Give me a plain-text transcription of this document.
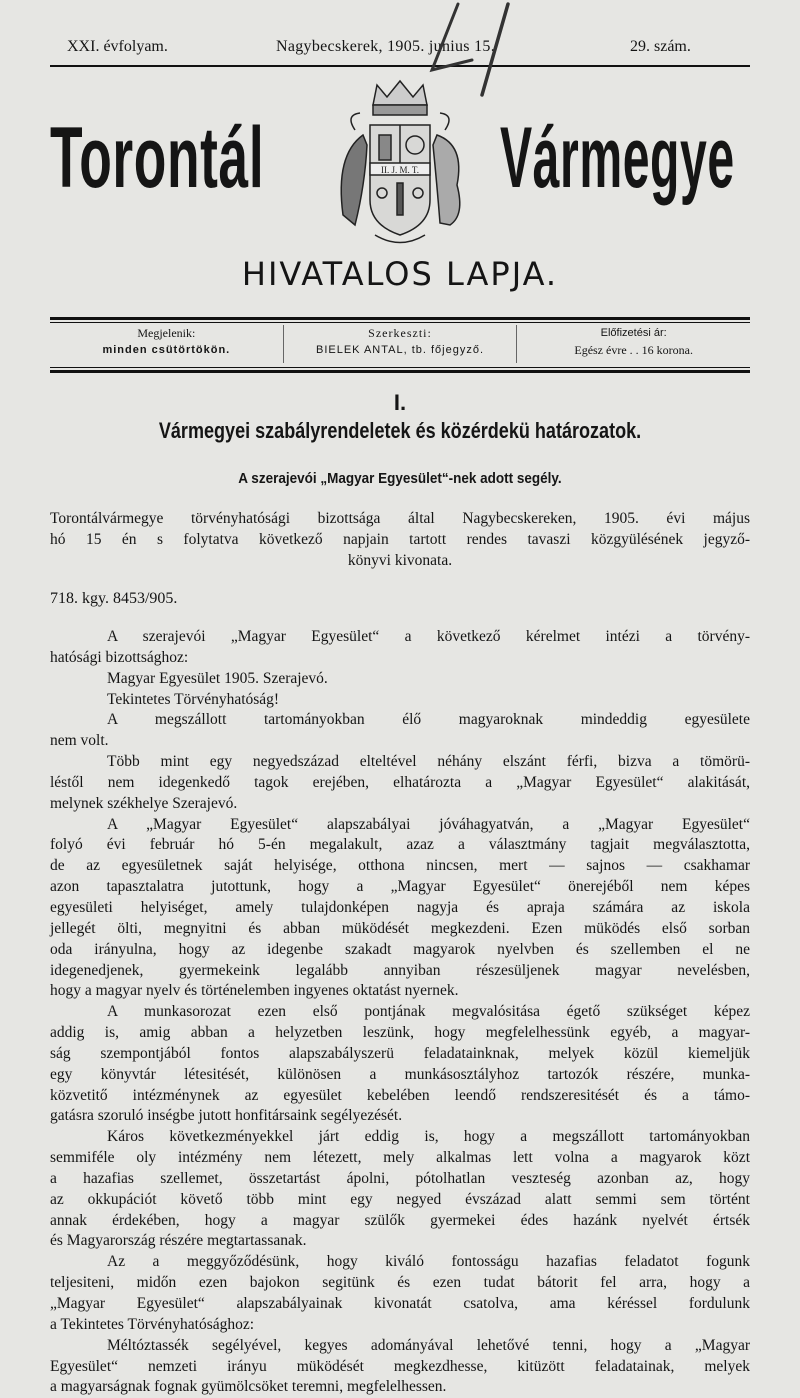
XXI. évfolyam.	Nagybecskerek, 1905. junius 15.	29. szám.
Torontál	Vármegye
II. J. M. T.
HIVATALOS LAPJA.
Megjelenik:
minden csütörtökön.
Szerkeszti:
BIELEK ANTAL, tb. főjegyző.
Előfizetési ár:
Egész évre . . 16 korona.
I.
Vármegyei szabályrendeletek és közérdekü határozatok.
A szerajevói „Magyar Egyesület“-nek adott segély.
Torontálvármegye törvényhatósági bizottsága által Nagybecskereken, 1905. évi május
hó 15 én s folytatva következő napjain tartott rendes tavaszi közgyülésének jegyző-
könyvi kivonata.
718. kgy. 8453/905.
A szerajevói „Magyar Egyesület“ a következő kérelmet intézi a törvény-
hatósági bizottsághoz:
Magyar Egyesület 1905. Szerajevó.
Tekintetes Törvényhatóság!
A megszállott tartományokban élő magyaroknak mindeddig egyesülete
nem volt.
Több mint egy negyedszázad elteltével néhány elszánt férfi, bizva a tömörü-
léstől nem idegenkedő tagok erejében, elhatározta a „Magyar Egyesület“ alakitását,
melynek székhelye Szerajevó.
A „Magyar Egyesület“ alapszabályai jóváhagyatván, a „Magyar Egyesület“
folyó évi február hó 5-én megalakult, azaz a választmány tagjait megválasztotta,
de az egyesületnek saját helyisége, otthona nincsen, mert — sajnos — csakhamar
azon tapasztalatra jutottunk, hogy a „Magyar Egyesület“ önerejéből nem képes
egyesületi helyiséget, amely tulajdonképen nagyja és apraja számára az iskola
jellegét ölti, megnyitni és abban müködését megkezdeni. Ezen müködés első sorban
oda irányulna, hogy az idegenbe szakadt magyarok nyelvben és szellemben el ne
idegenedjenek, gyermekeink legalább annyiban részesüljenek magyar nevelésben,
hogy a magyar nyelv és történelemben ingyenes oktatást nyernek.
A munkasorozat ezen első pontjának megvalósitása égető szükséget képez
addig is, amig abban a helyzetben leszünk, hogy megfelelhessünk egyéb, a magyar-
ság szempontjából fontos alapszabályszerü feladatainknak, melyek közül kiemeljük
egy könyvtár létesitését, különösen a munkásosztályhoz tartozók részére, munka-
közvetitő intézménynek az egyesület kebelében leendő rendszeresitését és a támo-
gatásra szoruló inségbe jutott honfitársaink segélyezését.
Káros következményekkel járt eddig is, hogy a megszállott tartományokban
semmiféle oly intézmény nem létezett, mely alkalmas lett volna a magyarok közt
a hazafias szellemet, összetartást ápolni, pótolhatlan veszteség azonban az, hogy
az okkupációt követő több mint egy negyed évszázad alatt semmi sem történt
annak érdekében, hogy a magyar szülők gyermekei édes hazánk nyelvét értsék
és Magyarország részére megtartassanak.
Az a meggyőződésünk, hogy kiváló fontosságu hazafias feladatot fogunk
teljesiteni, midőn ezen bajokon segitünk és ezen tudat bátorit fel arra, hogy a
„Magyar Egyesület“ alapszabályainak kivonatát csatolva, ama kéréssel fordulunk
a Tekintetes Törvényhatósághoz:
Méltóztassék segélyével, kegyes adományával lehetővé tenni, hogy a „Magyar
Egyesület“ nemzeti irányu müködését megkezdhesse, kitüzött feladatainak, melyek
a magyarságnak fognak gyümölcsöket teremni, megfelelhessen.
